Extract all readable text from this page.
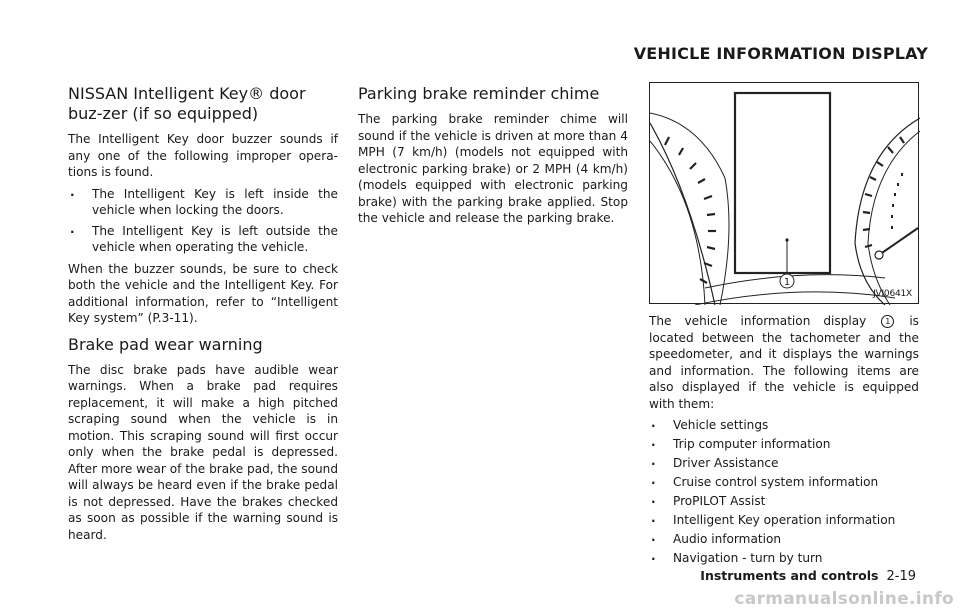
VEHICLE INFORMATION DISPLAY
NISSAN Intelligent Key® door buz-zer (if so equipped)

The Intelligent Key door buzzer sounds if any one of the following improper opera-tions is found.

. The Intelligent Key is left inside the vehicle when locking the doors.
. The Intelligent Key is left outside the vehicle when operating the vehicle.

When the buzzer sounds, be sure to check both the vehicle and the Intelligent Key. For additional information, refer to “Intelligent Key system” (P.3-11).

Brake pad wear warning

The disc brake pads have audible wear warnings. When a brake pad requires replacement, it will make a high pitched scraping sound when the vehicle is in motion. This scraping sound will first occur only when the brake pedal is depressed. After more wear of the brake pad, the sound will always be heard even if the brake pedal is not depressed. Have the brakes checked as soon as possible if the warning sound is heard.

Parking brake reminder chime

The parking brake reminder chime will sound if the vehicle is driven at more than 4 MPH (7 km/h) (models not equipped with electronic parking brake) or 2 MPH (4 km/h) (models equipped with electronic parking brake) with the parking brake applied. Stop the vehicle and release the parking brake.

1
JVI0641X

The vehicle information display 1 is located between the tachometer and the speedometer, and it displays the warnings and information. The following items are also displayed if the vehicle is equipped with them:

. Vehicle settings
. Trip computer information
. Driver Assistance
. Cruise control system information
. ProPILOT Assist
. Intelligent Key operation information
. Audio information
. Navigation - turn by turn
Instruments and controls 2-19
carmanualsonline.info
